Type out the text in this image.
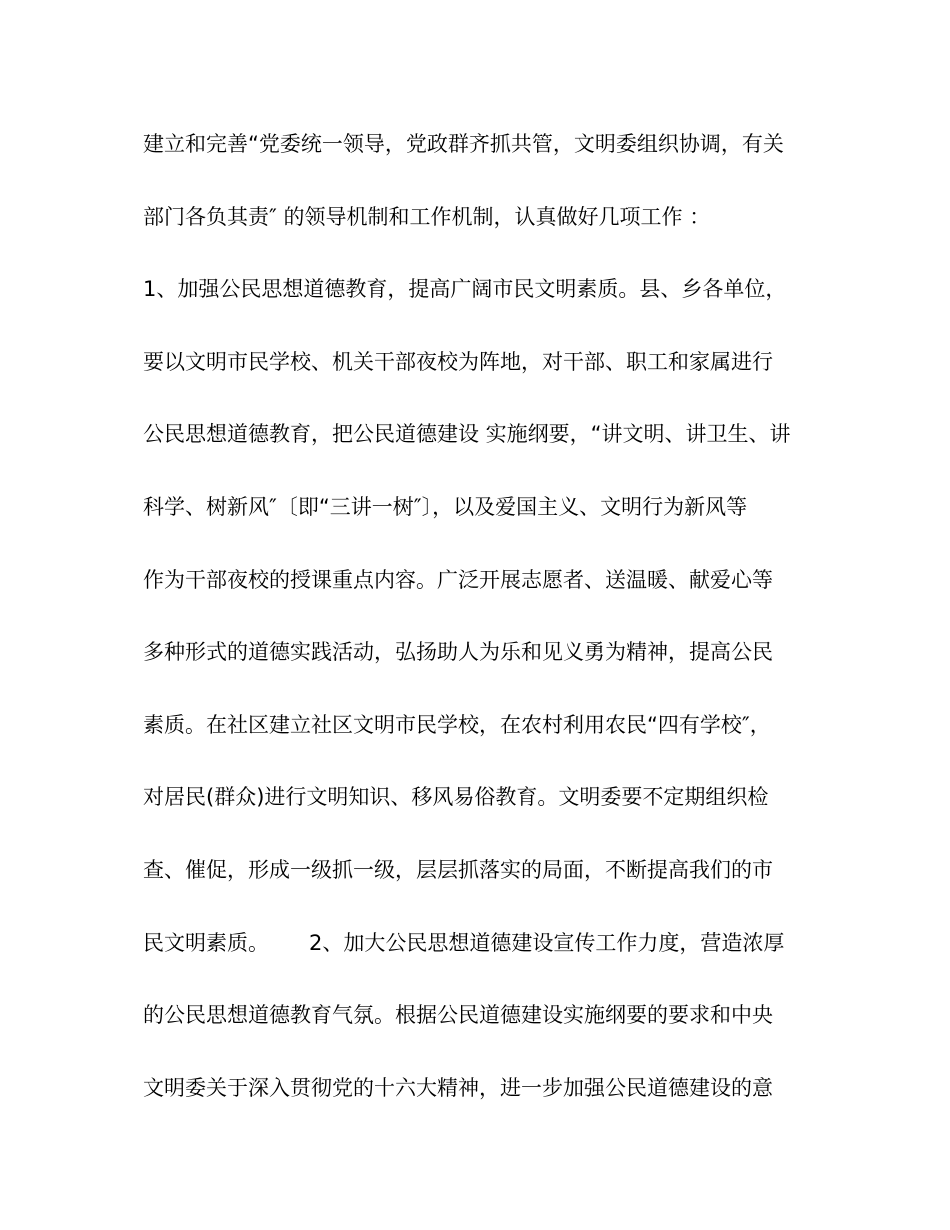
建立和完善“党委统一领导，党政群齐抓共管，文明委组织协调，有关
部门各负其责″ 的领导机制和工作机制，认真做好几项工作 ：
1、加强公民思想道德教育，提高广阔市民文明素质。县、乡各单位，
要以文明市民学校、机关干部夜校为阵地，对干部、职工和家属进行
公民思想道德教育，把公民道德建设 实施纲要，“讲文明、讲卫生、讲
科学、树新风″〔即“三讲一树″〕，以及爱国主义、文明行为新风等
作为干部夜校的授课重点内容。广泛开展志愿者、送温暖、献爱心等
多种形式的道德实践活动，弘扬助人为乐和见义勇为精神，提高公民
素质。在社区建立社区文明市民学校，在农村利用农民“四有学校″，
对居民(群众)进行文明知识、移风易俗教育。文明委要不定期组织检
查、催促，形成一级抓一级，层层抓落实的局面，不断提高我们的市
民文明素质。      2、加大公民思想道德建设宣传工作力度，营造浓厚
的公民思想道德教育气氛。根据公民道德建设实施纲要的要求和中央
文明委关于深入贯彻党的十六大精神，进一步加强公民道德建设的意
